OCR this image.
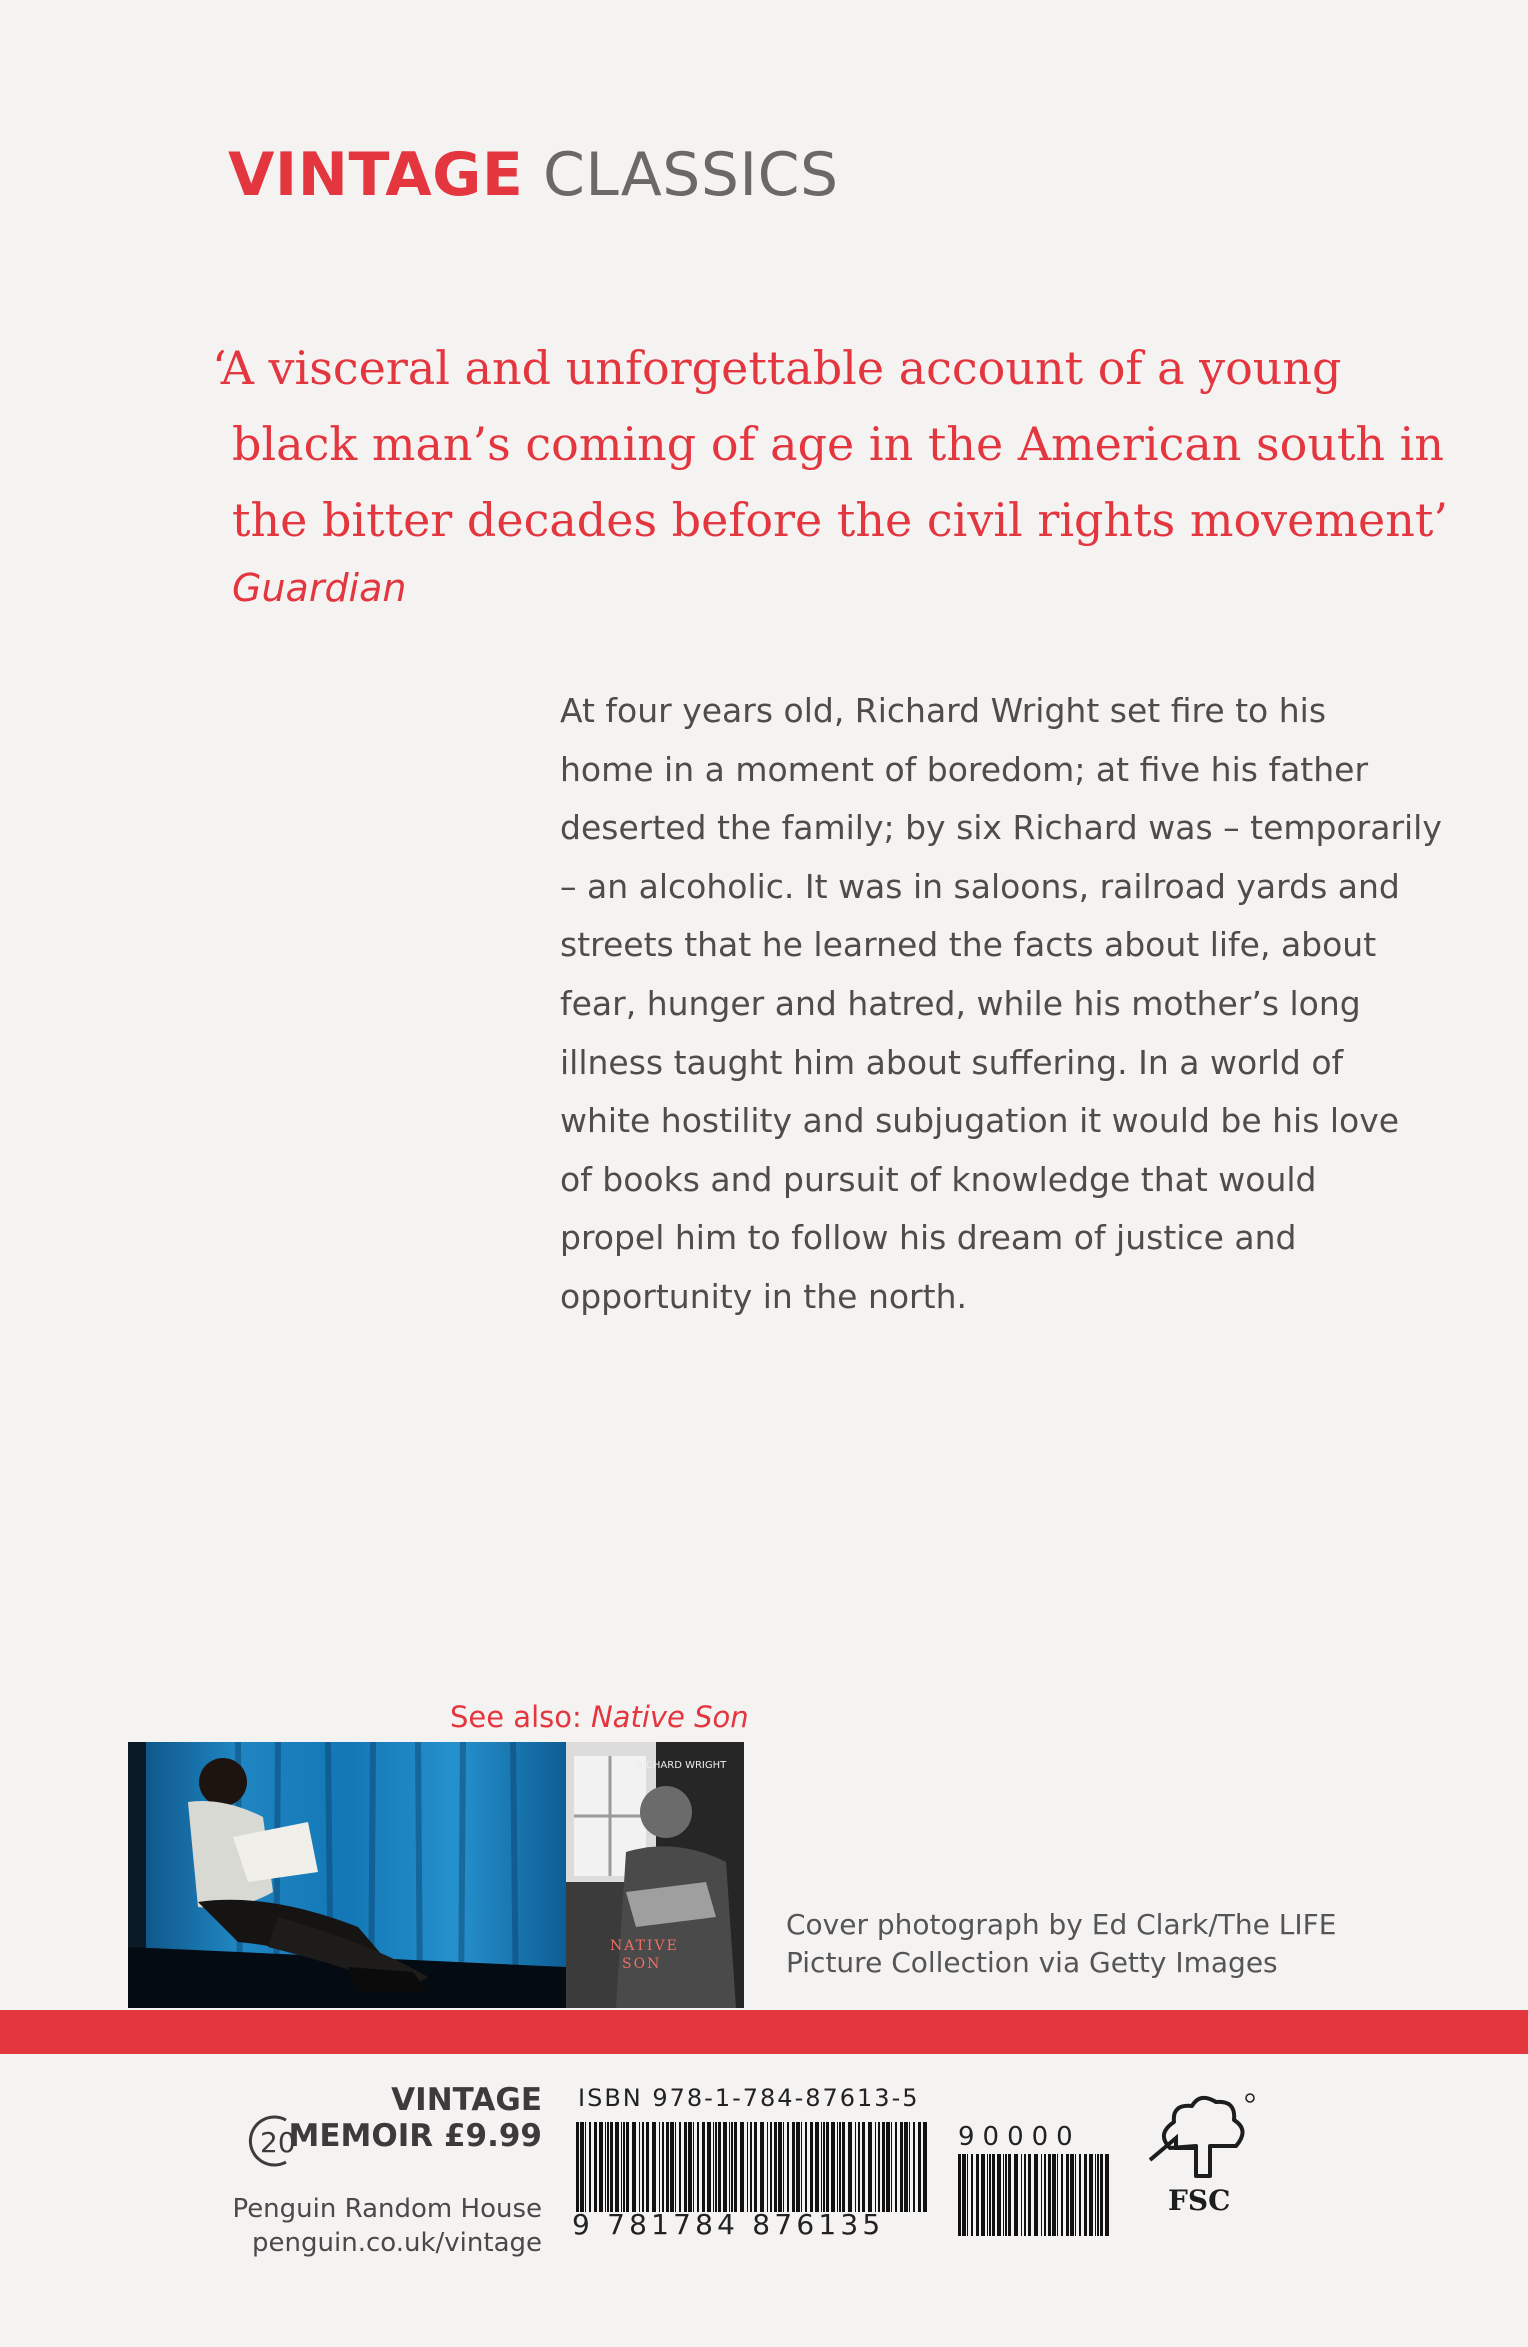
VINTAGE CLASSICS
‘A visceral and unforgettable account of a young
black man’s coming of age in the American south in
the bitter decades before the civil rights movement’
Guardian
At four years old, Richard Wright set fire to his
home in a moment of boredom; at five his father
deserted the family; by six Richard was – temporarily
– an alcoholic. It was in saloons, railroad yards and
streets that he learned the facts about life, about
fear, hunger and hatred, while his mother’s long
illness taught him about suffering. In a world of
white hostility and subjugation it would be his love
of books and pursuit of knowledge that would
propel him to follow his dream of justice and
opportunity in the north.
See also: Native Son
RICHARD WRIGHT
NATIVE
SON
Cover photograph by Ed Clark/The LIFE
Picture Collection via Getty Images
VINTAGE
MEMOIR £9.99
20
Penguin Random House
penguin.co.uk/vintage
ISBN 978-1-784-87613-5
9 781784 876135
90000
FSC
